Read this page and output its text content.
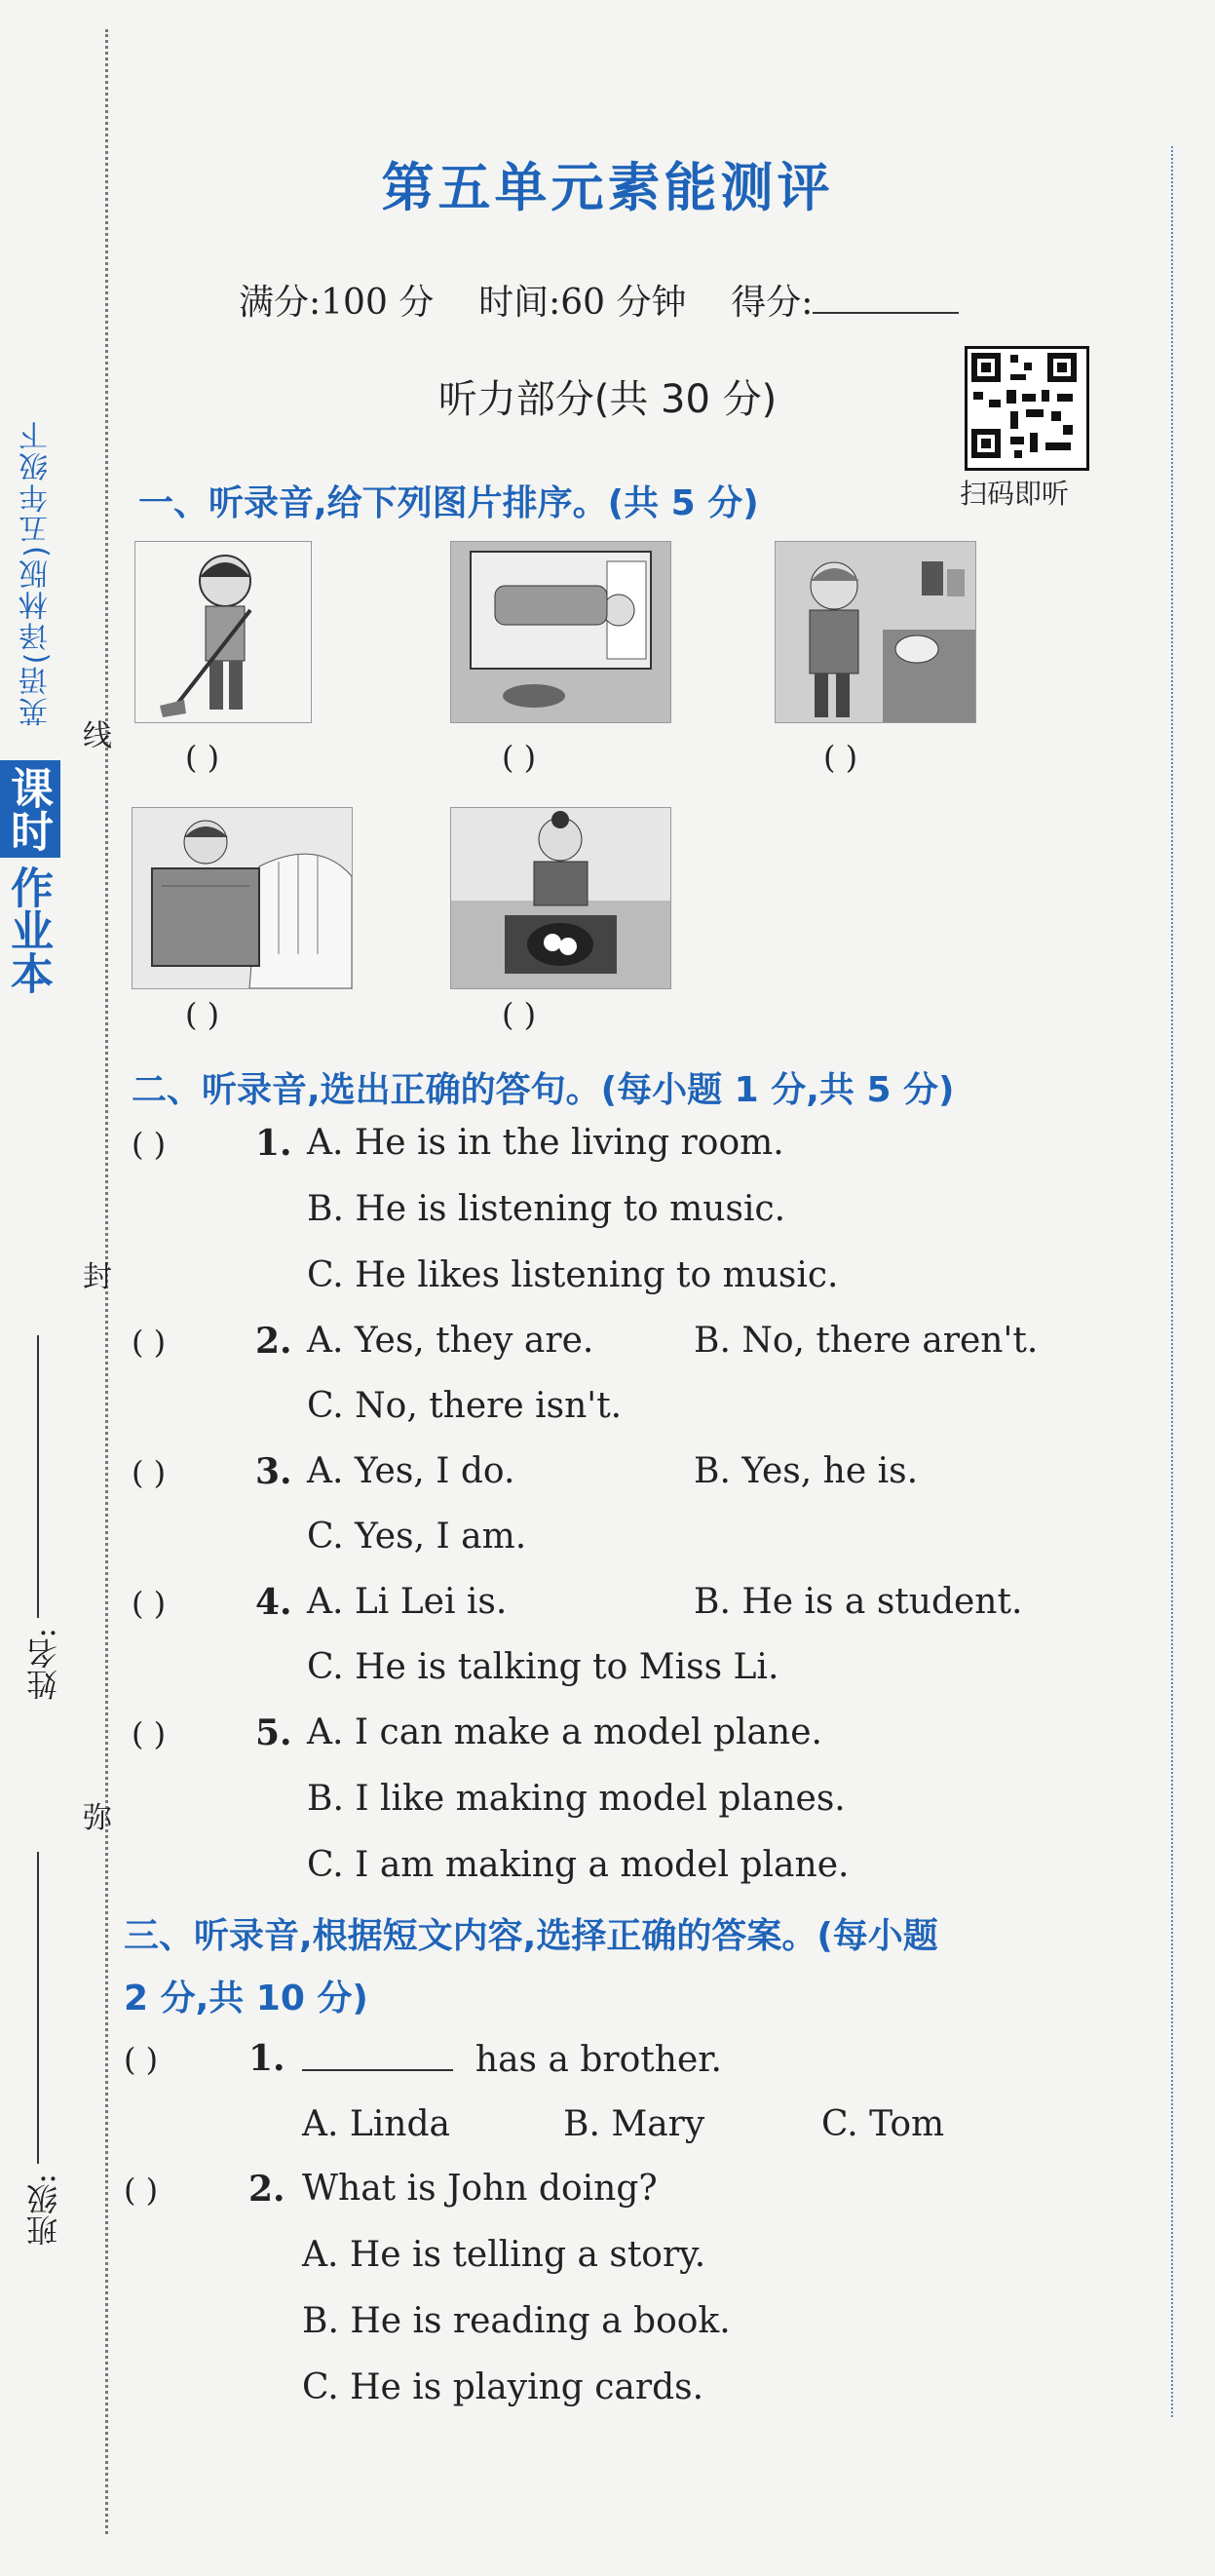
英语(译林版)五年级下
课时作业本
线
封
弥
姓名:
班级:
第五单元素能测评
满分:100 分 时间:60 分钟 得分:
听力部分(共 30 分)
扫码即听
一、听录音,给下列图片排序。(共 5 分)
( )	( )	( )
( )	( )
二、听录音,选出正确的答句。(每小题 1 分,共 5 分)
( )	1. A. He is in the living room.
B. He is listening to music.
C. He likes listening to music.
( )	2. A. Yes, they are.	B. No, there aren't.
C. No, there isn't.
( )	3. A. Yes, I do.	B. Yes, he is.
C. Yes, I am.
( )	4. A. Li Lei is.	B. He is a student.
C. He is talking to Miss Li.
( )	5. A. I can make a model plane.
B. I like making model planes.
C. I am making a model plane.
三、听录音,根据短文内容,选择正确的答案。(每小题
2 分,共 10 分)
( )	1.	has a brother.
A. Linda	B. Mary	C. Tom
( )	2. What is John doing?
A. He is telling a story.
B. He is reading a book.
C. He is playing cards.
